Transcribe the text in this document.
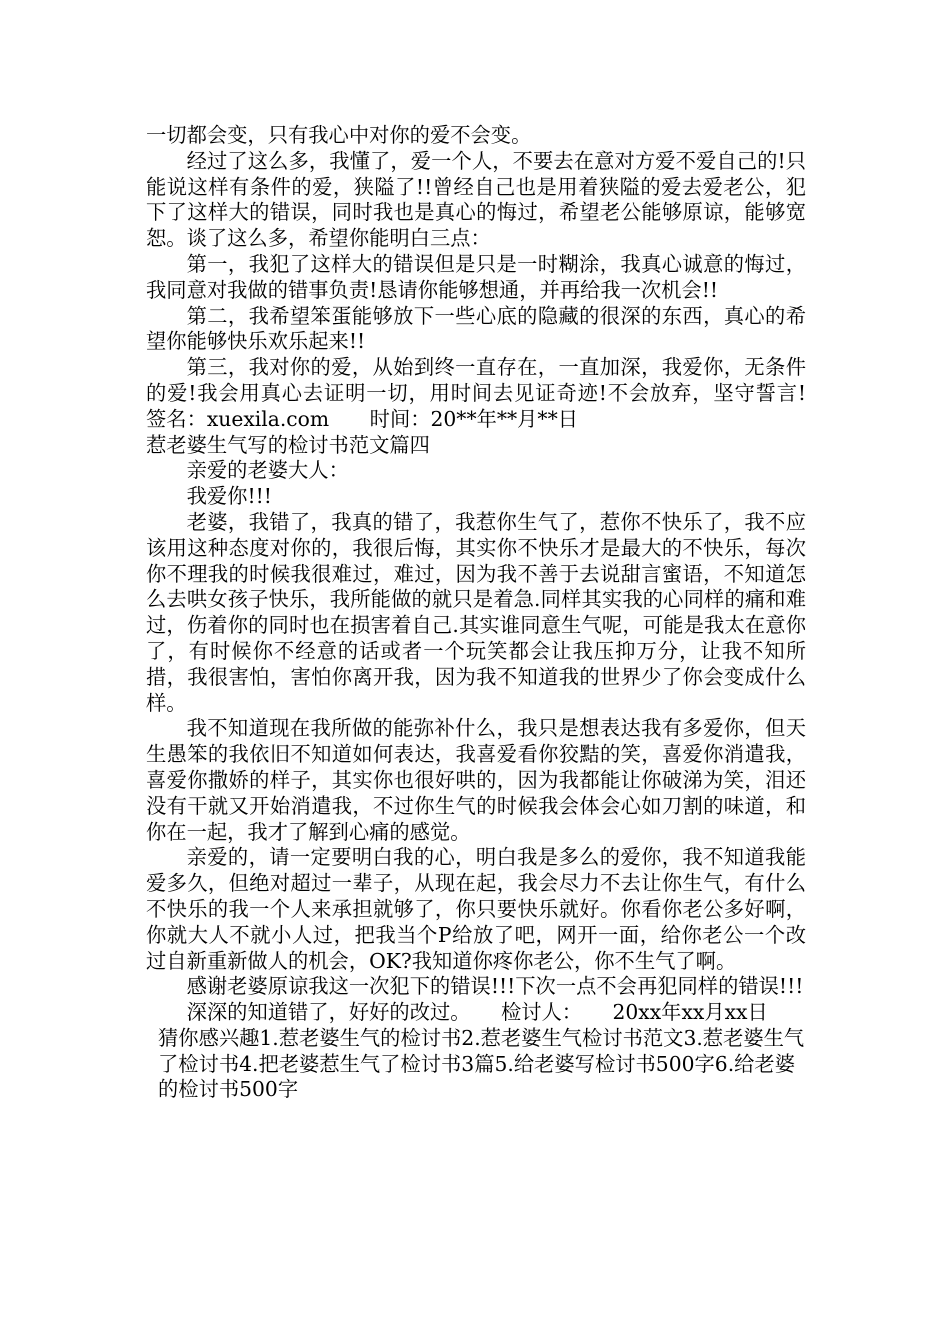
一切都会变，只有我心中对你的爱不会变。

经过了这么多，我懂了，爱一个人，不要去在意对方爱不爱自己的!只能说这样有条件的爱，狭隘了!!曾经自己也是用着狭隘的爱去爱老公，犯下了这样大的错误，同时我也是真心的悔过，希望老公能够原谅，能够宽恕。谈了这么多，希望你能明白三点：

第一，我犯了这样大的错误但是只是一时糊涂，我真心诚意的悔过，我同意对我做的错事负责!恳请你能够想通，并再给我一次机会!!

第二，我希望笨蛋能够放下一些心底的隐藏的很深的东西，真心的希望你能够快乐欢乐起来!!

第三，我对你的爱，从始到终一直存在，一直加深，我爱你，无条件的爱!我会用真心去证明一切，用时间去见证奇迹!不会放弃，坚守誓言!　　签名：xuexila.com　　时间：20**年**月**日

惹老婆生气写的检讨书范文篇四

亲爱的老婆大人：

我爱你!!!

老婆，我错了，我真的错了，我惹你生气了，惹你不快乐了，我不应该用这种态度对你的，我很后悔，其实你不快乐才是最大的不快乐，每次你不理我的时候我很难过，难过，因为我不善于去说甜言蜜语，不知道怎么去哄女孩子快乐，我所能做的就只是着急.同样其实我的心同样的痛和难过，伤着你的同时也在损害着自己.其实谁同意生气呢，可能是我太在意你了，有时候你不经意的话或者一个玩笑都会让我压抑万分，让我不知所措，我很害怕，害怕你离开我，因为我不知道我的世界少了你会变成什么样。

我不知道现在我所做的能弥补什么，我只是想表达我有多爱你，但天生愚笨的我依旧不知道如何表达，我喜爱看你狡黠的笑，喜爱你消遣我，喜爱你撒娇的样子，其实你也很好哄的，因为我都能让你破涕为笑，泪还没有干就又开始消遣我，不过你生气的时候我会体会心如刀割的味道，和你在一起，我才了解到心痛的感觉。

亲爱的，请一定要明白我的心，明白我是多么的爱你，我不知道我能爱多久，但绝对超过一辈子，从现在起，我会尽力不去让你生气，有什么不快乐的我一个人来承担就够了，你只要快乐就好。你看你老公多好啊，你就大人不就小人过，把我当个P给放了吧，网开一面，给你老公一个改过自新重新做人的机会，OK?我知道你疼你老公，你不生气了啊。

感谢老婆原谅我这一次犯下的错误!!!下次一点不会再犯同样的错误!!!

深深的知道错了，好好的改过。　　检讨人：　　20xx年xx月xx日

猜你感兴趣1.惹老婆生气的检讨书2.惹老婆生气检讨书范文3.惹老婆生气了检讨书4.把老婆惹生气了检讨书3篇5.给老婆写检讨书500字6.给老婆的检讨书500字
